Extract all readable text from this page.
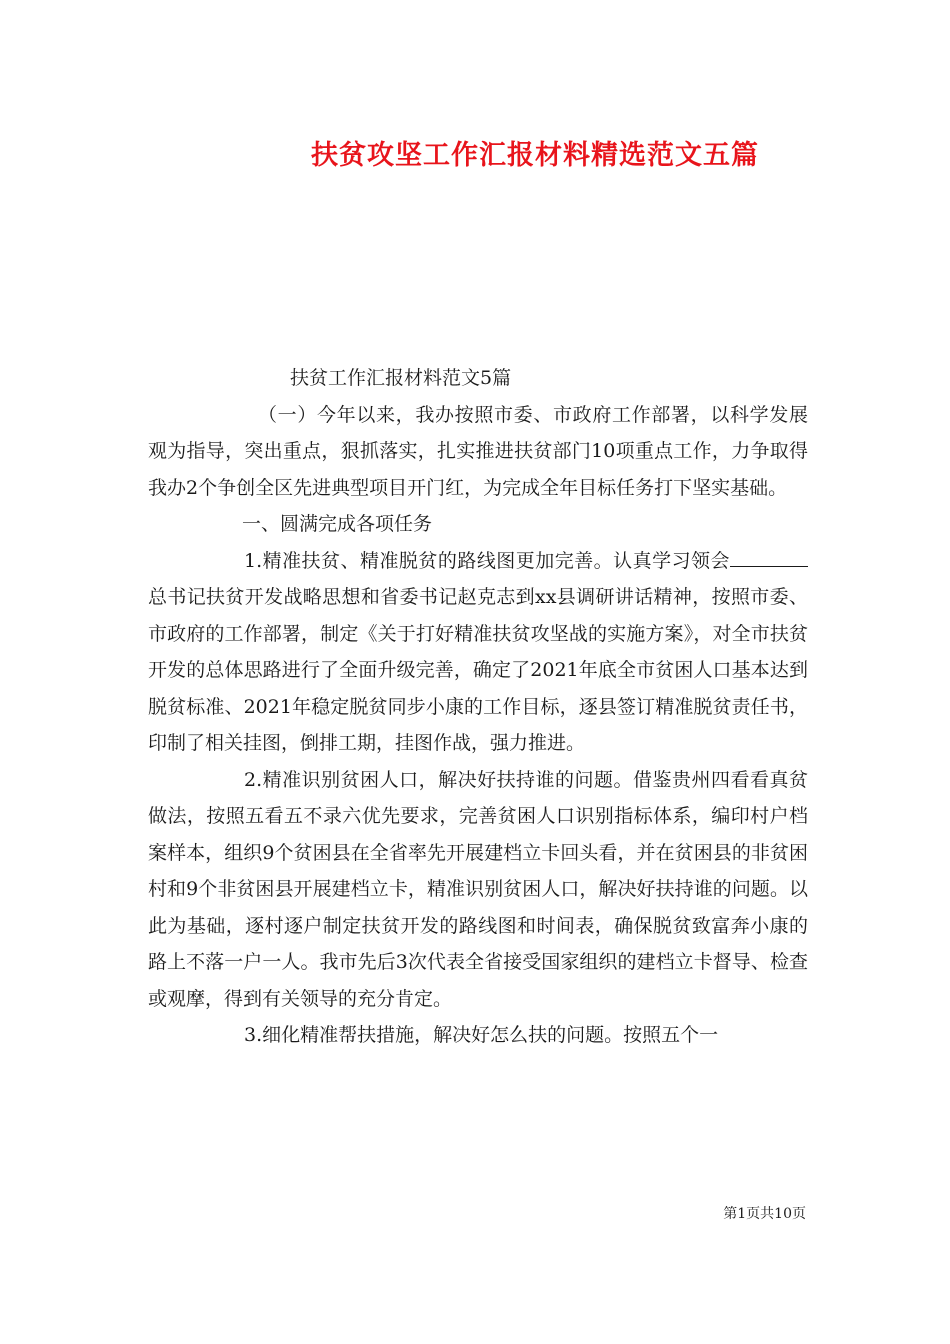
扶贫攻坚工作汇报材料精选范文五篇

扶贫工作汇报材料范文5篇

（一）今年以来，我办按照市委、市政府工作部署，以科学发展观为指导，突出重点，狠抓落实，扎实推进扶贫部门10项重点工作，力争取得我办2个争创全区先进典型项目开门红，为完成全年目标任务打下坚实基础。

一、圆满完成各项任务

1.精准扶贫、精准脱贫的路线图更加完善。认真学习领会总书记扶贫开发战略思想和省委书记赵克志到xx县调研讲话精神，按照市委、市政府的工作部署，制定《关于打好精准扶贫攻坚战的实施方案》，对全市扶贫开发的总体思路进行了全面升级完善，确定了2021年底全市贫困人口基本达到脱贫标准、2021年稳定脱贫同步小康的工作目标，逐县签订精准脱贫责任书，印制了相关挂图，倒排工期，挂图作战，强力推进。

2.精准识别贫困人口，解决好扶持谁的问题。借鉴贵州四看看真贫做法，按照五看五不录六优先要求，完善贫困人口识别指标体系，编印村户档案样本，组织9个贫困县在全省率先开展建档立卡回头看，并在贫困县的非贫困村和9个非贫困县开展建档立卡，精准识别贫困人口，解决好扶持谁的问题。以此为基础，逐村逐户制定扶贫开发的路线图和时间表，确保脱贫致富奔小康的路上不落一户一人。我市先后3次代表全省接受国家组织的建档立卡督导、检查或观摩，得到有关领导的充分肯定。

3.细化精准帮扶措施，解决好怎么扶的问题。按照五个一

第1页共10页
